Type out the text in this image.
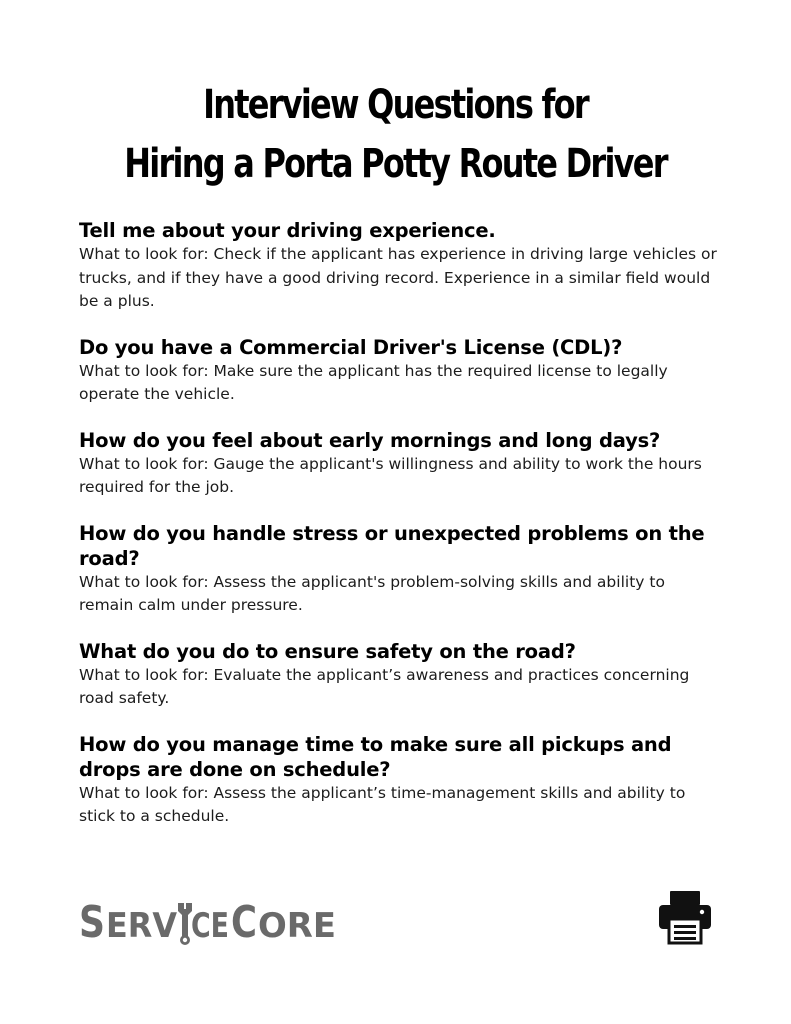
Interview Questions for
Hiring a Porta Potty Route Driver
Tell me about your driving experience.

What to look for: Check if the applicant has experience in driving large vehicles or trucks, and if they have a good driving record. Experience in a similar field would be a plus.

Do you have a Commercial Driver's License (CDL)?

What to look for: Make sure the applicant has the required license to legally operate the vehicle.

How do you feel about early mornings and long days?

What to look for: Gauge the applicant's willingness and ability to work the hours required for the job.

How do you handle stress or unexpected problems on the road?

What to look for: Assess the applicant's problem-solving skills and ability to remain calm under pressure.

What do you do to ensure safety on the road?

What to look for: Evaluate the applicant’s awareness and practices concerning road safety.

How do you manage time to make sure all pickups and drops are done on schedule?

What to look for: Assess the applicant’s time-management skills and ability to stick to a schedule.

S ERV CE C ORE
